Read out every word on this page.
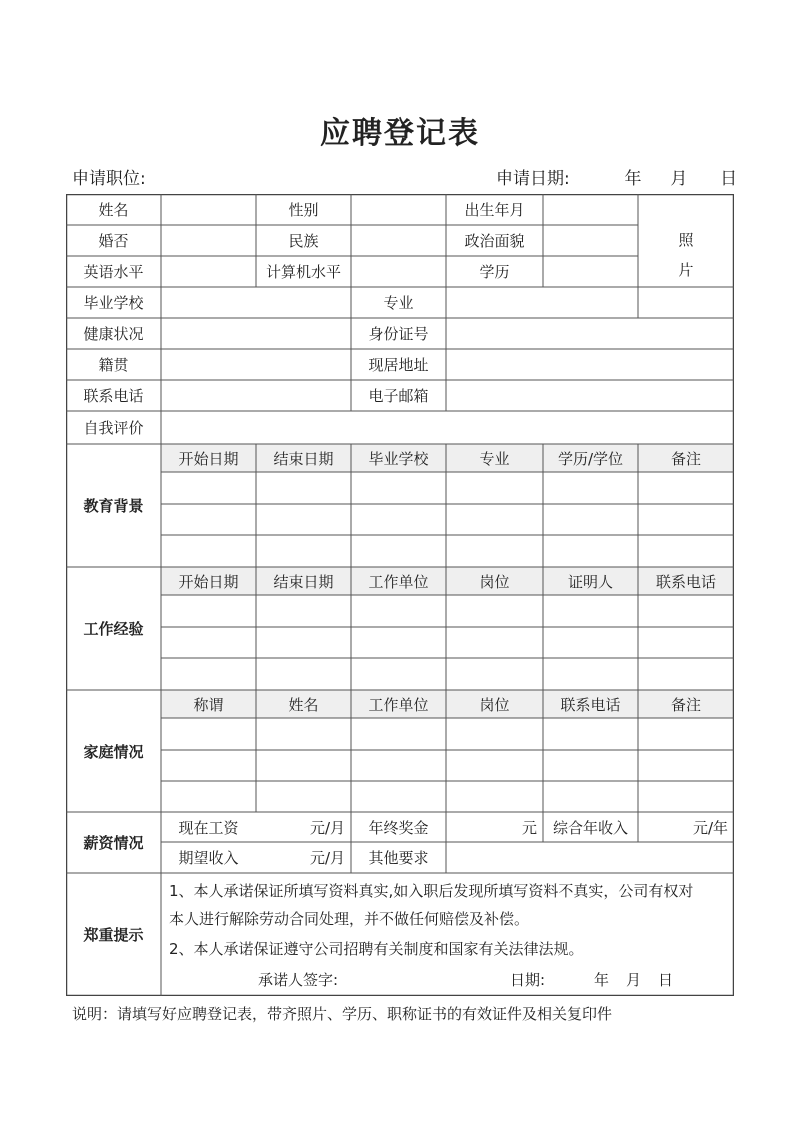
应聘登记表
申请职位:	申请日期:	年 月 日
姓名	性别	出生年月
婚否	民族	政治面貌
英语水平	计算机水平	学历
照
片
毕业学校	专业
健康状况	身份证号
籍贯	现居地址
联系电话	电子邮箱
自我评价
教育背景
开始日期	结束日期	毕业学校	专业	学历/学位	备注
工作经验
开始日期	结束日期	工作单位	岗位	证明人	联系电话
家庭情况
称谓	姓名	工作单位	岗位	联系电话	备注
薪资情况
现在工资	元/月	年终奖金	元	综合年收入	元/年
期望收入	元/月	其他要求
郑重提示
1、本人承诺保证所填写资料真实,如入职后发现所填写资料不真实，公司有权对
本人进行解除劳动合同处理，并不做任何赔偿及补偿。
2、本人承诺保证遵守公司招聘有关制度和国家有关法律法规。
承诺人签字:	日期:	年 月 日
说明：请填写好应聘登记表，带齐照片、学历、职称证书的有效证件及相关复印件
